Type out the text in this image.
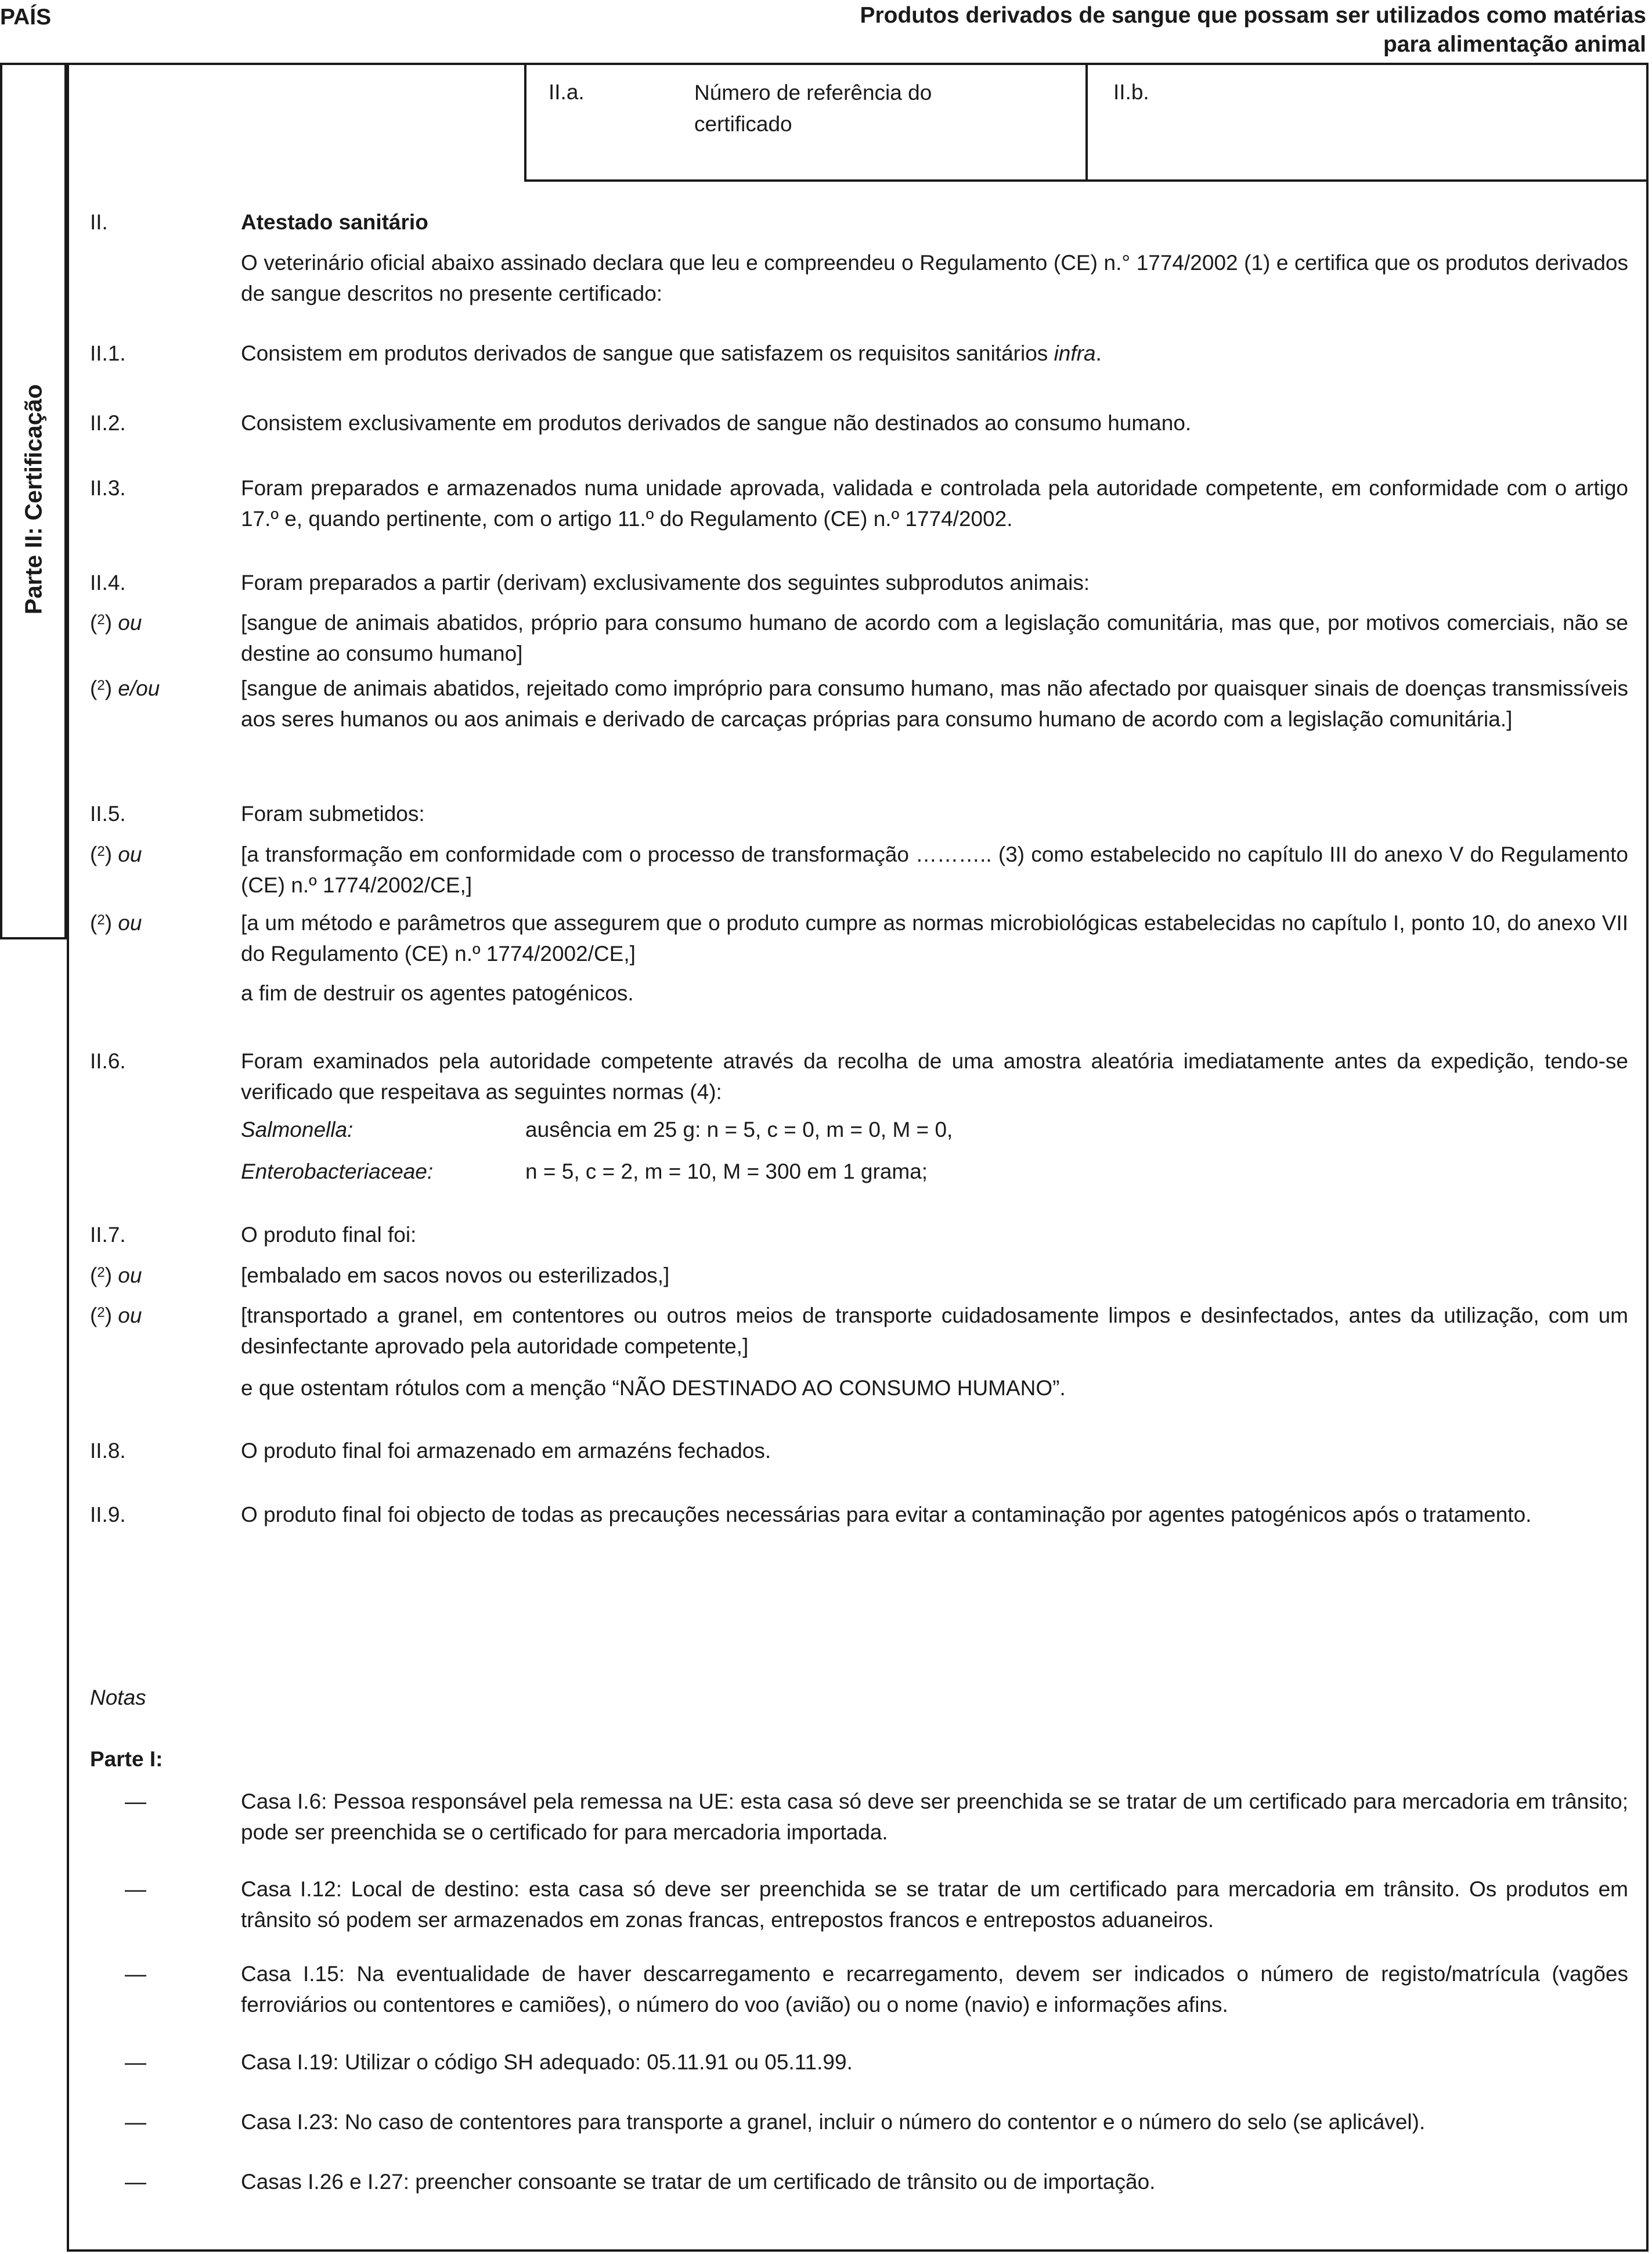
PAÍS	Produtos derivados de sangue que possam ser utilizados como matérias
para alimentação animal
Parte II: Certificação
II.a.	Número de referência do
certificado
II.b.
II.	Atestado sanitário
O veterinário oficial abaixo assinado declara que leu e compreendeu o Regulamento (CE) n.° 1774/2002 (1) e certifica que os produtos derivados de sangue descritos no presente certificado:
II.1.	Consistem em produtos derivados de sangue que satisfazem os requisitos sanitários infra.
II.2.	Consistem exclusivamente em produtos derivados de sangue não destinados ao consumo humano.
II.3.	Foram preparados e armazenados numa unidade aprovada, validada e controlada pela autoridade competente, em conformidade com o artigo 17.º e, quando pertinente, com o artigo 11.º do Regulamento (CE) n.º 1774/2002.
II.4.	Foram preparados a partir (derivam) exclusivamente dos seguintes subprodutos animais:
($^2$) ou	[sangue de animais abatidos, próprio para consumo humano de acordo com a legislação comunitária, mas que, por motivos comerciais, não se destine ao consumo humano]
($^2$) e/ou	[sangue de animais abatidos, rejeitado como impróprio para consumo humano, mas não afectado por quaisquer sinais de doenças transmissíveis aos seres humanos ou aos animais e derivado de carcaças próprias para consumo humano de acordo com a legislação comunitária.]
II.5.	Foram submetidos:
($^2$) ou	[a transformação em conformidade com o processo de transformação ……….. (3) como estabelecido no capítulo III do anexo V do Regulamento (CE) n.º 1774/2002/CE,]
($^2$) ou	[a um método e parâmetros que assegurem que o produto cumpre as normas microbiológicas estabelecidas no capítulo I, ponto 10, do anexo VII do Regulamento (CE) n.º 1774/2002/CE,]
a fim de destruir os agentes patogénicos.
II.6.	Foram examinados pela autoridade competente através da recolha de uma amostra aleatória imediatamente antes da expedição, tendo-se verificado que respeitava as seguintes normas (4):
Salmonella:	ausência em 25 g: n = 5, c = 0, m = 0, M = 0,
Enterobacteriaceae:	n = 5, c = 2, m = 10, M = 300 em 1 grama;
II.7.	O produto final foi:
($^2$) ou	[embalado em sacos novos ou esterilizados,]
($^2$) ou	[transportado a granel, em contentores ou outros meios de transporte cuidadosamente limpos e desinfectados, antes da utilização, com um desinfectante aprovado pela autoridade competente,]
e que ostentam rótulos com a menção “NÃO DESTINADO AO CONSUMO HUMANO”.
II.8.	O produto final foi armazenado em armazéns fechados.
II.9.	O produto final foi objecto de todas as precauções necessárias para evitar a contaminação por agentes patogénicos após o tratamento.
Notas
Parte I:
—	Casa I.6: Pessoa responsável pela remessa na UE: esta casa só deve ser preenchida se se tratar de um certificado para mercadoria em trânsito; pode ser preenchida se o certificado for para mercadoria importada.
—	Casa I.12: Local de destino: esta casa só deve ser preenchida se se tratar de um certificado para mercadoria em trânsito. Os produtos em trânsito só podem ser armazenados em zonas francas, entrepostos francos e entrepostos aduaneiros.
—	Casa I.15: Na eventualidade de haver descarregamento e recarregamento, devem ser indicados o número de registo/matrícula (vagões ferroviários ou contentores e camiões), o número do voo (avião) ou o nome (navio) e informações afins.
—	Casa I.19: Utilizar o código SH adequado: 05.11.91 ou 05.11.99.
—	Casa I.23: No caso de contentores para transporte a granel, incluir o número do contentor e o número do selo (se aplicável).
—	Casas I.26 e I.27: preencher consoante se tratar de um certificado de trânsito ou de importação.
